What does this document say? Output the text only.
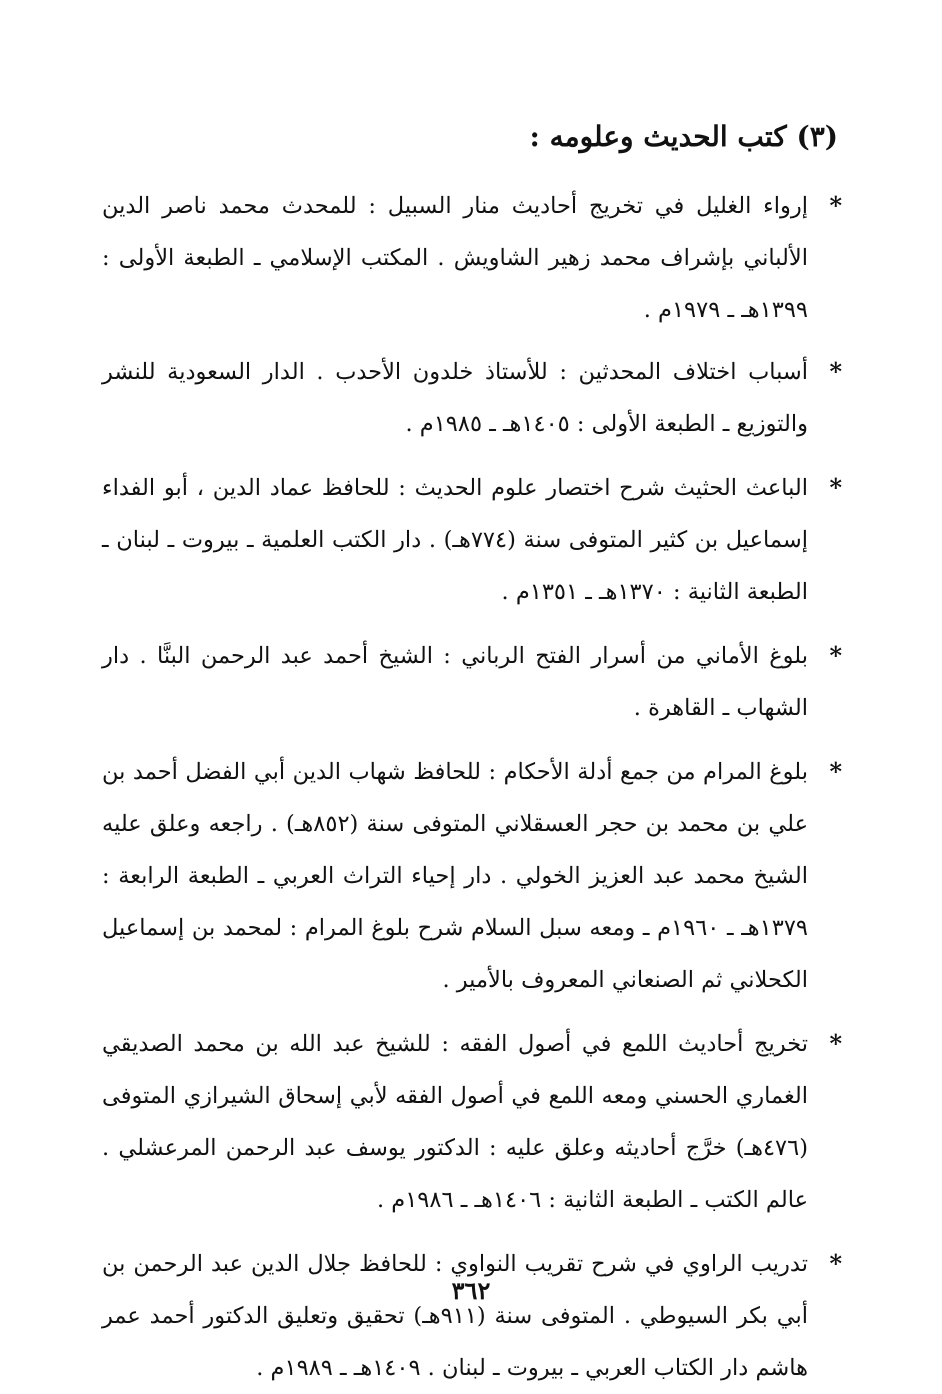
(٣) كتب الحديث وعلومه :
*
إرواء الغليل في تخريج أحاديث منار السبيل : للمحدث محمد ناصر الدين الألباني بإشراف محمد زهير الشاويش . المكتب الإسلامي ـ الطبعة الأولى : ١٣٩٩هـ ـ ١٩٧٩م .
*
أسباب اختلاف المحدثين : للأستاذ خلدون الأحدب . الدار السعودية للنشر والتوزيع ـ الطبعة الأولى : ١٤٠٥هـ ـ ١٩٨٥م .
*
الباعث الحثيث شرح اختصار علوم الحديث : للحافظ عماد الدين ، أبو الفداء إسماعيل بن كثير المتوفى سنة (٧٧٤هـ) . دار الكتب العلمية ـ بيروت ـ لبنان ـ الطبعة الثانية : ١٣٧٠هـ ـ ١٣٥١م .
*
بلوغ الأماني من أسرار الفتح الرباني : الشيخ أحمد عبد الرحمن البنَّا . دار الشهاب ـ القاهرة .
*
بلوغ المرام من جمع أدلة الأحكام : للحافظ شهاب الدين أبي الفضل أحمد بن علي بن محمد بن حجر العسقلاني المتوفى سنة (٨٥٢هـ) . راجعه وعلق عليه الشيخ محمد عبد العزيز الخولي . دار إحياء التراث العربي ـ الطبعة الرابعة : ١٣٧٩هـ ـ ١٩٦٠م ـ ومعه سبل السلام شرح بلوغ المرام : لمحمد بن إسماعيل الكحلاني ثم الصنعاني المعروف بالأمير .
*
تخريج أحاديث اللمع في أصول الفقه : للشيخ عبد الله بن محمد الصديقي الغماري الحسني ومعه اللمع في أصول الفقه لأبي إسحاق الشيرازي المتوفى (٤٧٦هـ) خرَّج أحاديثه وعلق عليه : الدكتور يوسف عبد الرحمن المرعشلي . عالم الكتب ـ الطبعة الثانية : ١٤٠٦هـ ـ ١٩٨٦م .
*
تدريب الراوي في شرح تقريب النواوي : للحافظ جلال الدين عبد الرحمن بن أبي بكر السيوطي . المتوفى سنة (٩١١هـ) تحقيق وتعليق الدكتور أحمد عمر هاشم دار الكتاب العربي ـ بيروت ـ لبنان . ١٤٠٩هـ ـ ١٩٨٩م .
٣٦٢
